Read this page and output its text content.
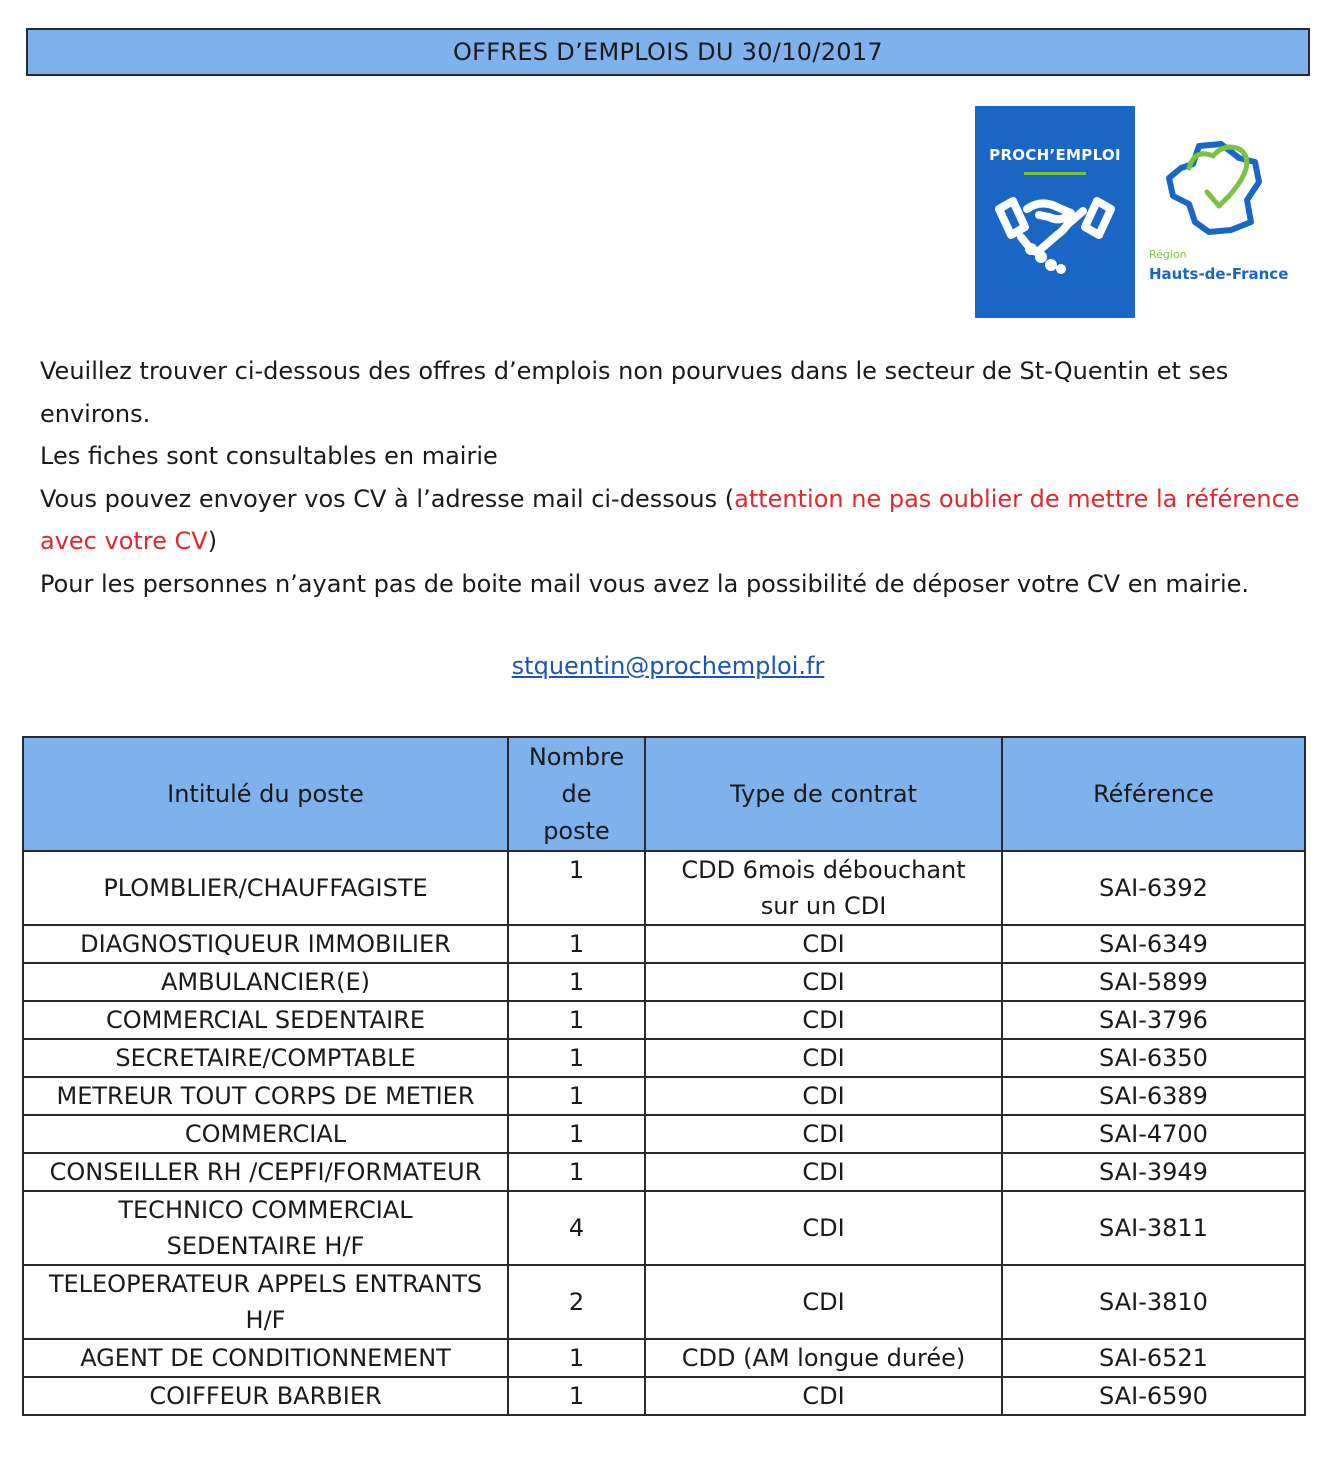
OFFRES D’EMPLOIS DU 30/10/2017
PROCH’EMPLOI
Région
Hauts-de-France

Veuillez trouver ci-dessous des offres d’emplois non pourvues dans le secteur de St-Quentin et ses environs.

Les fiches sont consultables en mairie

Vous pouvez envoyer vos CV à l’adresse mail ci-dessous (attention ne pas oublier de mettre la référence avec votre CV)

Pour les personnes n’ayant pas de boite mail vous avez la possibilité de déposer votre CV en mairie.

stquentin@prochemploi.fr
Intitulé du poste	Nombre
de
poste	Type de contrat	Référence
PLOMBLIER/CHAUFFAGISTE	1	CDD 6mois débouchant
sur un CDI	SAI-6392
DIAGNOSTIQUEUR IMMOBILIER	1	CDI	SAI-6349
AMBULANCIER(E)	1	CDI	SAI-5899
COMMERCIAL SEDENTAIRE	1	CDI	SAI-3796
SECRETAIRE/COMPTABLE	1	CDI	SAI-6350
METREUR TOUT CORPS DE METIER	1	CDI	SAI-6389
COMMERCIAL	1	CDI	SAI-4700
CONSEILLER RH /CEPFI/FORMATEUR	1	CDI	SAI-3949
TECHNICO COMMERCIAL
SEDENTAIRE H/F	4	CDI	SAI-3811
TELEOPERATEUR APPELS ENTRANTS
H/F	2	CDI	SAI-3810
AGENT DE CONDITIONNEMENT	1	CDD (AM longue durée)	SAI-6521
COIFFEUR BARBIER	1	CDI	SAI-6590
